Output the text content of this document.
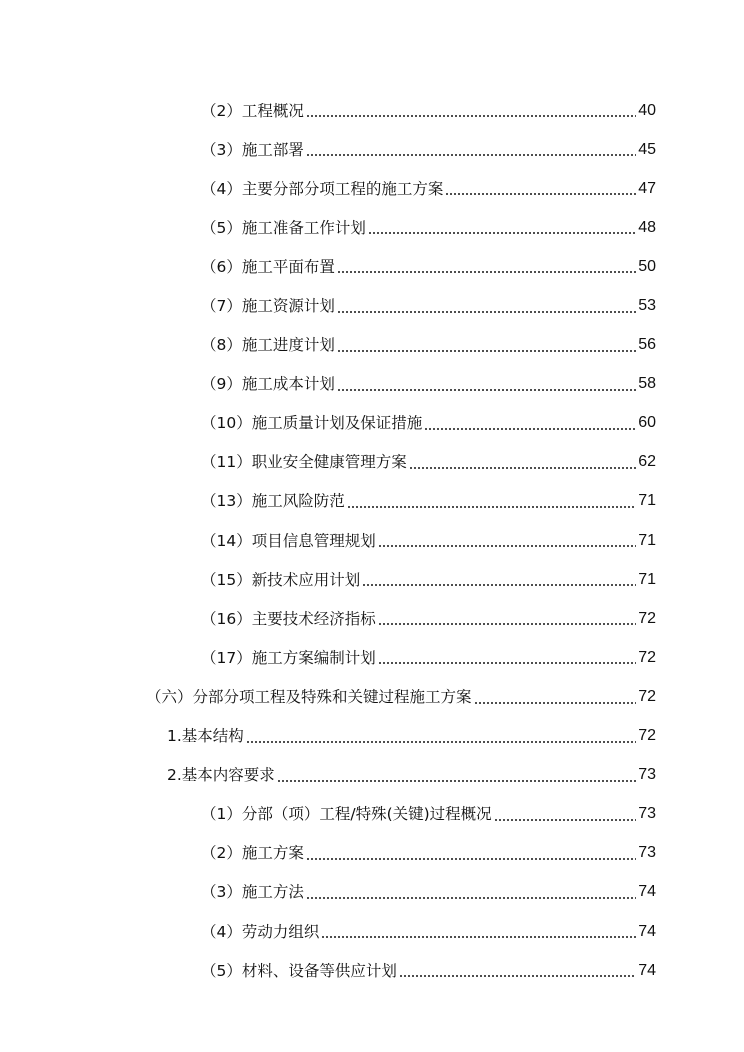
（2）工程概况	40
（3）施工部署	45
（4）主要分部分项工程的施工方案	47
（5）施工准备工作计划	48
（6）施工平面布置	50
（7）施工资源计划	53
（8）施工进度计划	56
（9）施工成本计划	58
（10）施工质量计划及保证措施	60
（11）职业安全健康管理方案	62
（13）施工风险防范	71
（14）项目信息管理规划	71
（15）新技术应用计划	71
（16）主要技术经济指标	72
（17）施工方案编制计划	72
（六）分部分项工程及特殊和关键过程施工方案	72
1.基本结构	72
2.基本内容要求	73
（1）分部（项）工程/特殊(关键)过程概况	73
（2）施工方案	73
（3）施工方法	74
（4）劳动力组织	74
（5）材料、设备等供应计划	74
